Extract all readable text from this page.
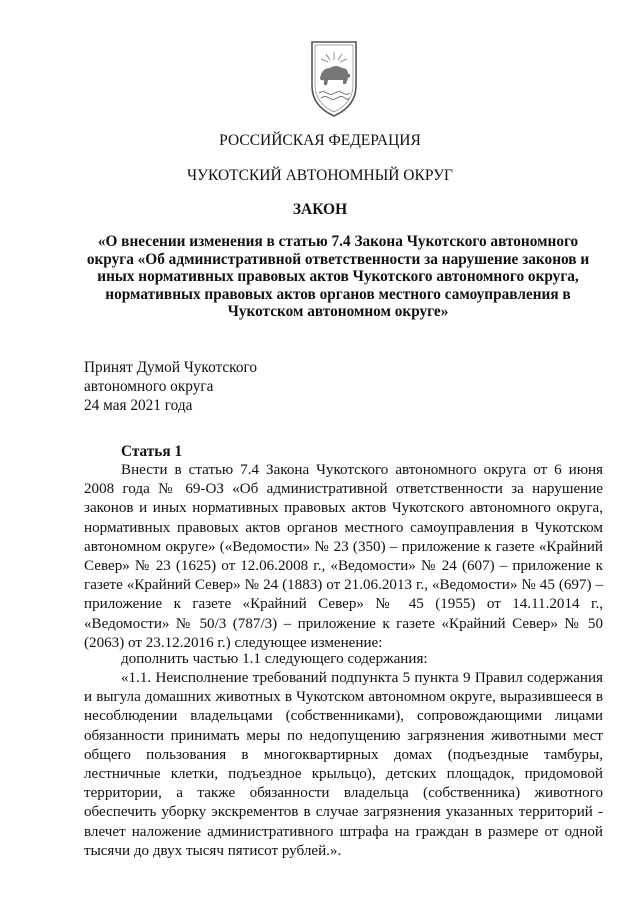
РОССИЙСКАЯ ФЕДЕРАЦИЯ
ЧУКОТСКИЙ АВТОНОМНЫЙ ОКРУГ
ЗАКОН
«О внесении изменения в статью 7.4 Закона Чукотского автономного округа «Об административной ответственности за нарушение законов и иных нормативных правовых актов Чукотского автономного округа, нормативных правовых актов органов местного самоуправления в Чукотском автономном округе»
Принят Думой Чукотского
автономного округа
24 мая 2021 года
Статья 1

Внести в статью 7.4 Закона Чукотского автономного округа от 6 июня 2008 года № 69-ОЗ «Об административной ответственности за нарушение законов и иных нормативных правовых актов Чукотского автономного округа, нормативных правовых актов органов местного самоуправления в Чукотском автономном округе» («Ведомости» № 23 (350) – приложение к газете «Крайний Север» № 23 (1625) от 12.06.2008 г., «Ведомости» № 24 (607) – приложение к газете «Крайний Север» № 24 (1883) от 21.06.2013 г., «Ведомости» № 45 (697) – приложение к газете «Крайний Север» № 45 (1955) от 14.11.2014 г., «Ведомости» № 50/3 (787/3) – приложение к газете «Крайний Север» № 50 (2063) от 23.12.2016 г.) следующее изменение:

дополнить частью 1.1 следующего содержания:

«1.1. Неисполнение требований подпункта 5 пункта 9 Правил содержания и выгула домашних животных в Чукотском автономном округе, выразившееся в несоблюдении владельцами (собственниками), сопровождающими лицами обязанности принимать меры по недопущению загрязнения животными мест общего пользования в многоквартирных домах (подъездные тамбуры, лестничные клетки, подъездное крыльцо), детских площадок, придомовой территории, а также обязанности владельца (собственника) животного обеспечить уборку экскрементов в случае загрязнения указанных территорий - влечет наложение административного штрафа на граждан в размере от одной тысячи до двух тысяч пятисот рублей.».
